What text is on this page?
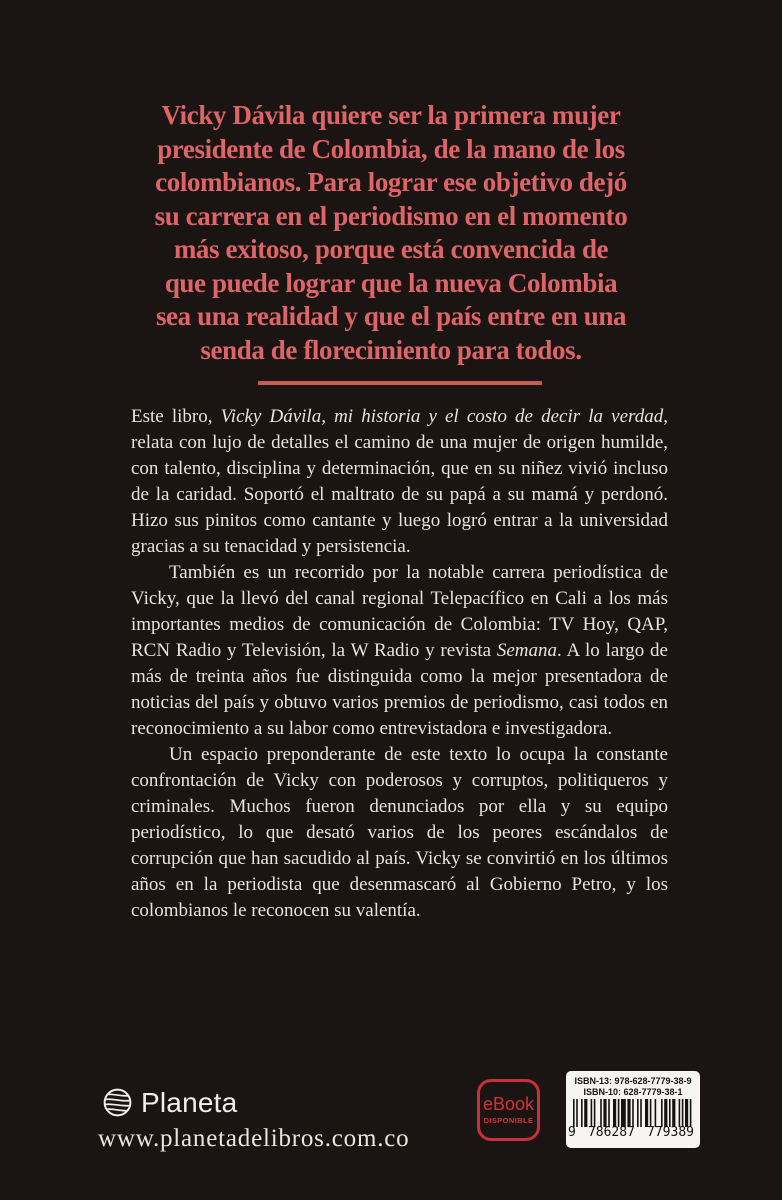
Vicky Dávila quiere ser la primera mujer
presidente de Colombia, de la mano de los
colombianos. Para lograr ese objetivo dejó
su carrera en el periodismo en el momento
más exitoso, porque está convencida de
que puede lograr que la nueva Colombia
sea una realidad y que el país entre en una
senda de florecimiento para todos.

Este libro, Vicky Dávila, mi historia y el costo de decir la verdad, relata con lujo de detalles el camino de una mujer de origen humilde, con talento, disciplina y determinación, que en su niñez vivió incluso de la caridad. Soportó el maltrato de su papá a su mamá y perdonó. Hizo sus pinitos como cantante y luego logró entrar a la universidad gracias a su tenacidad y persistencia.

También es un recorrido por la notable carrera periodística de Vicky, que la llevó del canal regional Telepacífico en Cali a los más importantes medios de comunicación de Colombia: TV Hoy, QAP, RCN Radio y Televisión, la W Radio y revista Semana. A lo largo de más de treinta años fue distinguida como la mejor presentadora de noticias del país y obtuvo varios premios de periodismo, casi todos en reconocimiento a su labor como entrevistadora e investigadora.

Un espacio preponderante de este texto lo ocupa la constante confrontación de Vicky con poderosos y corruptos, politiqueros y criminales. Muchos fueron denunciados por ella y su equipo periodístico, lo que desató varios de los peores escándalos de corrupción que han sacudido al país. Vicky se convirtió en los últimos años en la periodista que desenmascaró al Gobierno Petro, y los colombianos le reconocen su valentía.

Planeta
www.planetadelibros.com.co
eBook
DISPONIBLE
ISBN-13: 978-628-7779-38-9
ISBN-10: 628-7779-38-1
9 786287 779389
